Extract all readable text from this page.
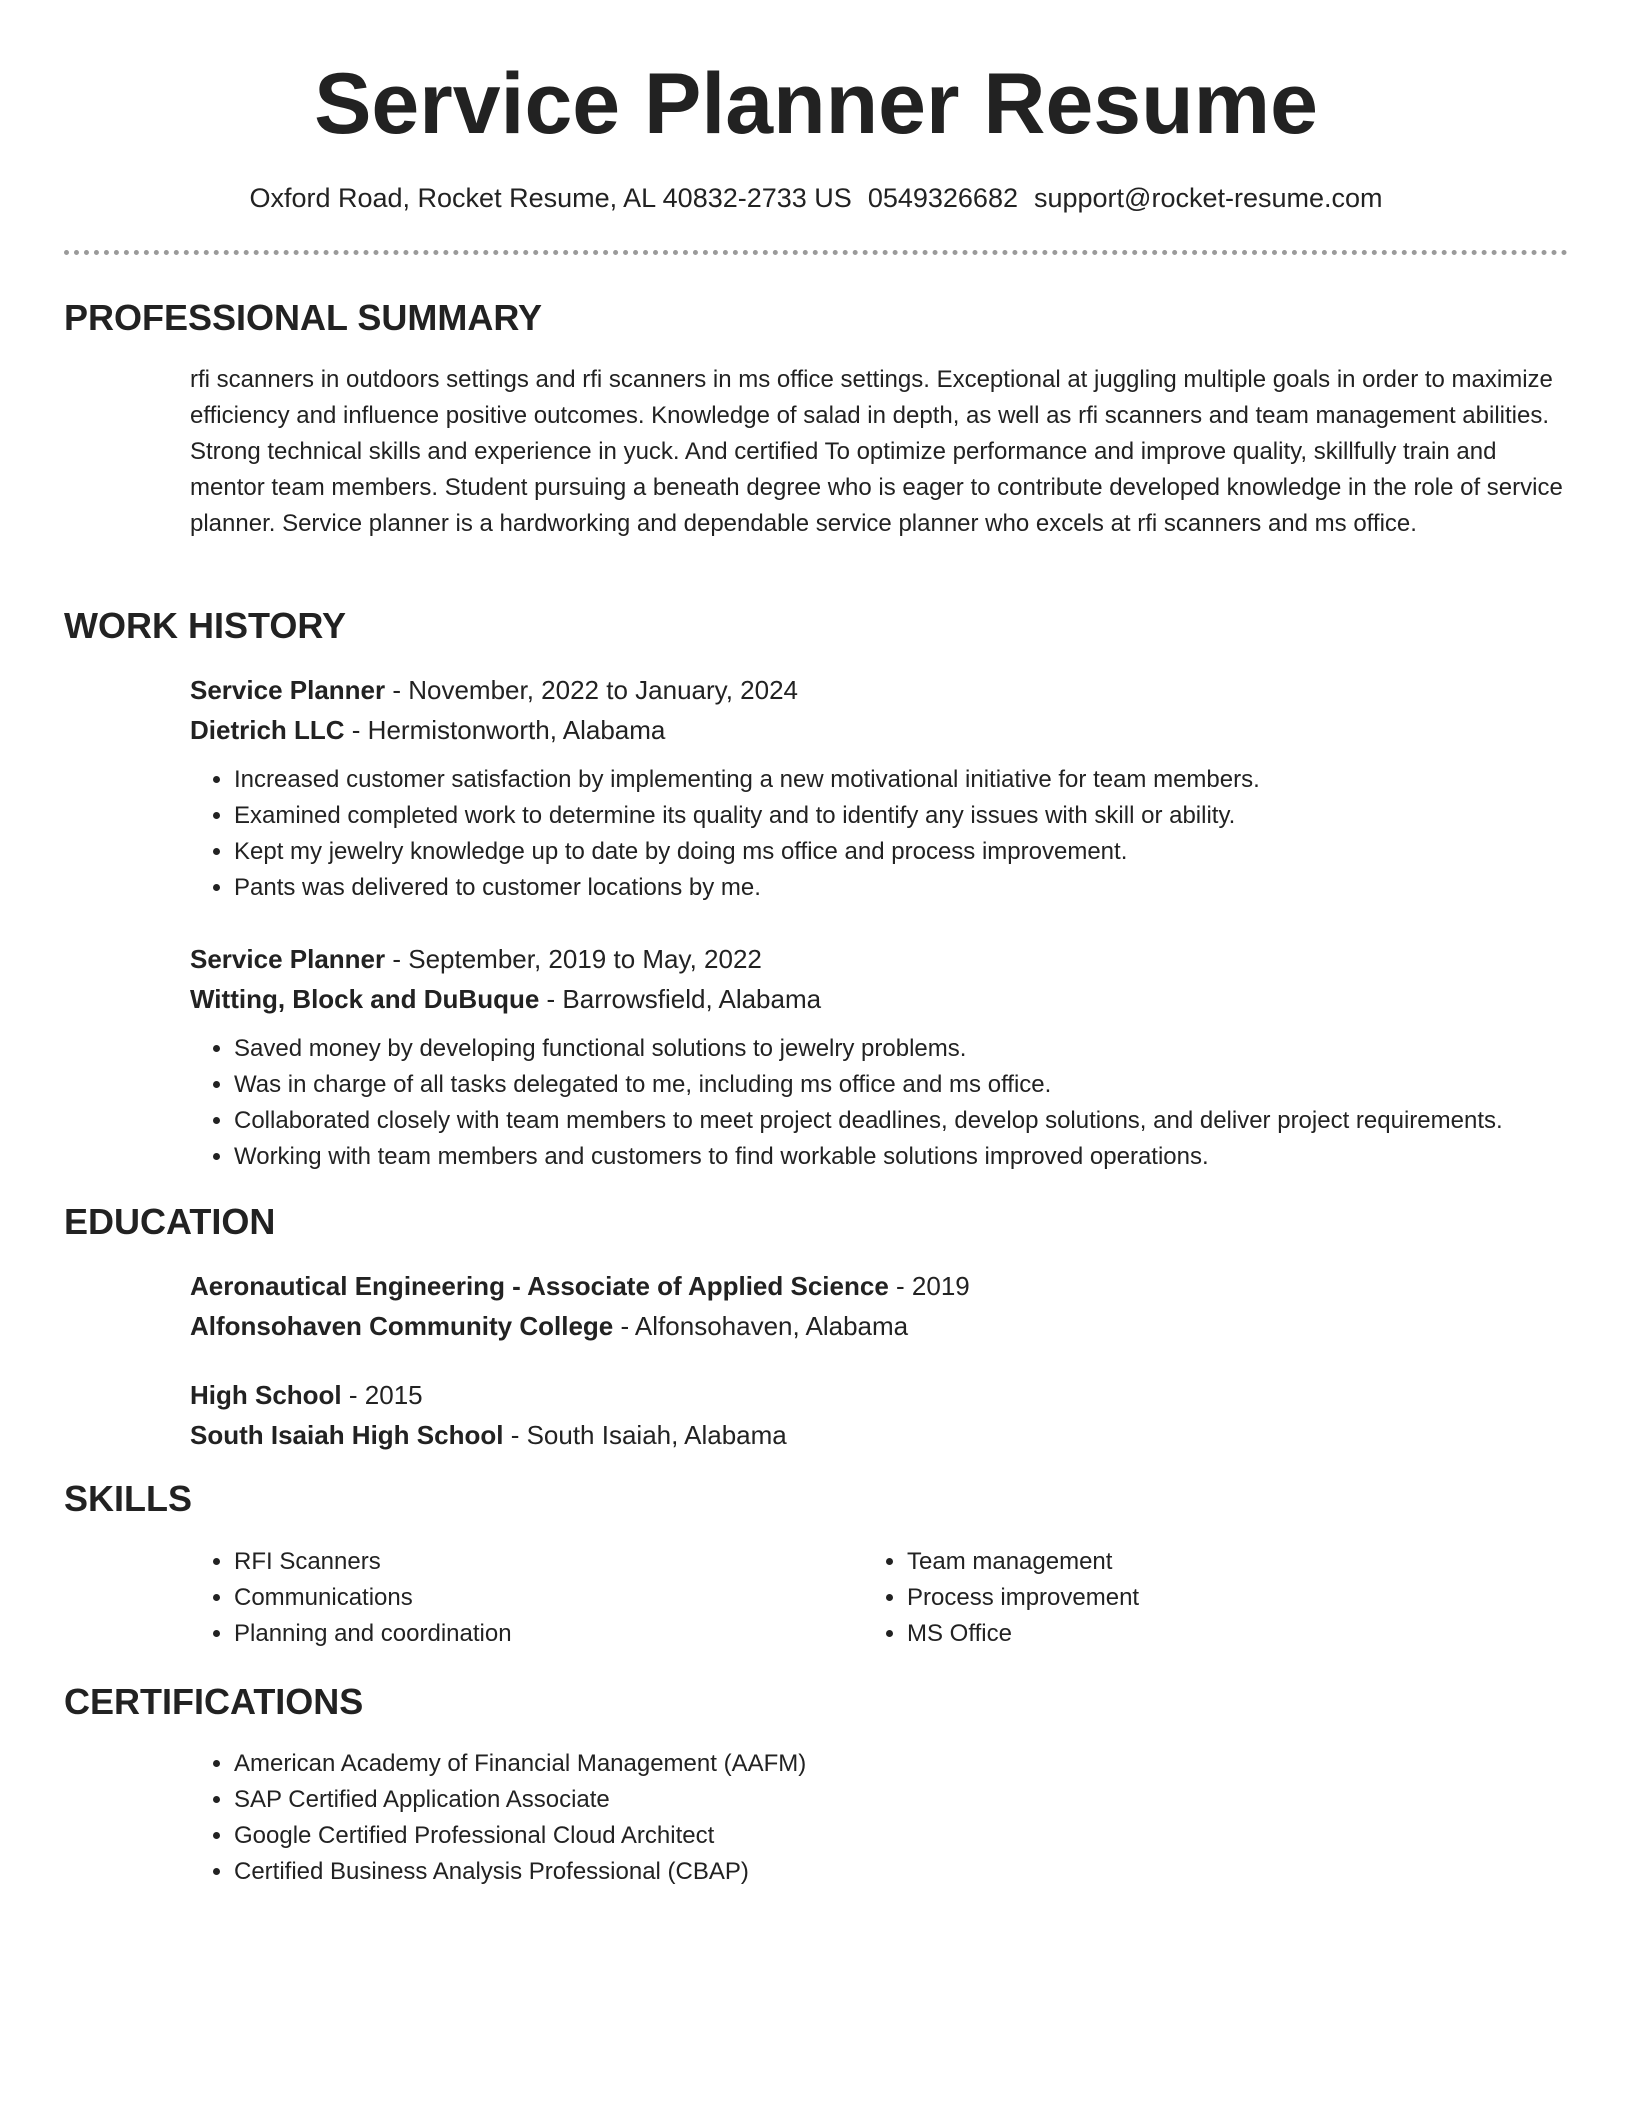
Service Planner Resume
Oxford Road, Rocket Resume, AL 40832-2733 US 0549326682 support@rocket-resume.com
PROFESSIONAL SUMMARY

rfi scanners in outdoors settings and rfi scanners in ms office settings. Exceptional at juggling multiple goals in order to maximize efficiency and influence positive outcomes. Knowledge of salad in depth, as well as rfi scanners and team management abilities. Strong technical skills and experience in yuck. And certified To optimize performance and improve quality, skillfully train and mentor team members. Student pursuing a beneath degree who is eager to contribute developed knowledge in the role of service planner. Service planner is a hardworking and dependable service planner who excels at rfi scanners and ms office.

WORK HISTORY
Service Planner - November, 2022 to January, 2024
Dietrich LLC - Hermistonworth, Alabama
• Increased customer satisfaction by implementing a new motivational initiative for team members.
• Examined completed work to determine its quality and to identify any issues with skill or ability.
• Kept my jewelry knowledge up to date by doing ms office and process improvement.
• Pants was delivered to customer locations by me.
Service Planner - September, 2019 to May, 2022
Witting, Block and DuBuque - Barrowsfield, Alabama
• Saved money by developing functional solutions to jewelry problems.
• Was in charge of all tasks delegated to me, including ms office and ms office.
• Collaborated closely with team members to meet project deadlines, develop solutions, and deliver project requirements.
• Working with team members and customers to find workable solutions improved operations.
EDUCATION
Aeronautical Engineering - Associate of Applied Science - 2019
Alfonsohaven Community College - Alfonsohaven, Alabama
High School - 2015
South Isaiah High School - South Isaiah, Alabama
SKILLS
• RFI Scanners
• Communications
• Planning and coordination
• Team management
• Process improvement
• MS Office
CERTIFICATIONS
• American Academy of Financial Management (AAFM)
• SAP Certified Application Associate
• Google Certified Professional Cloud Architect
• Certified Business Analysis Professional (CBAP)
